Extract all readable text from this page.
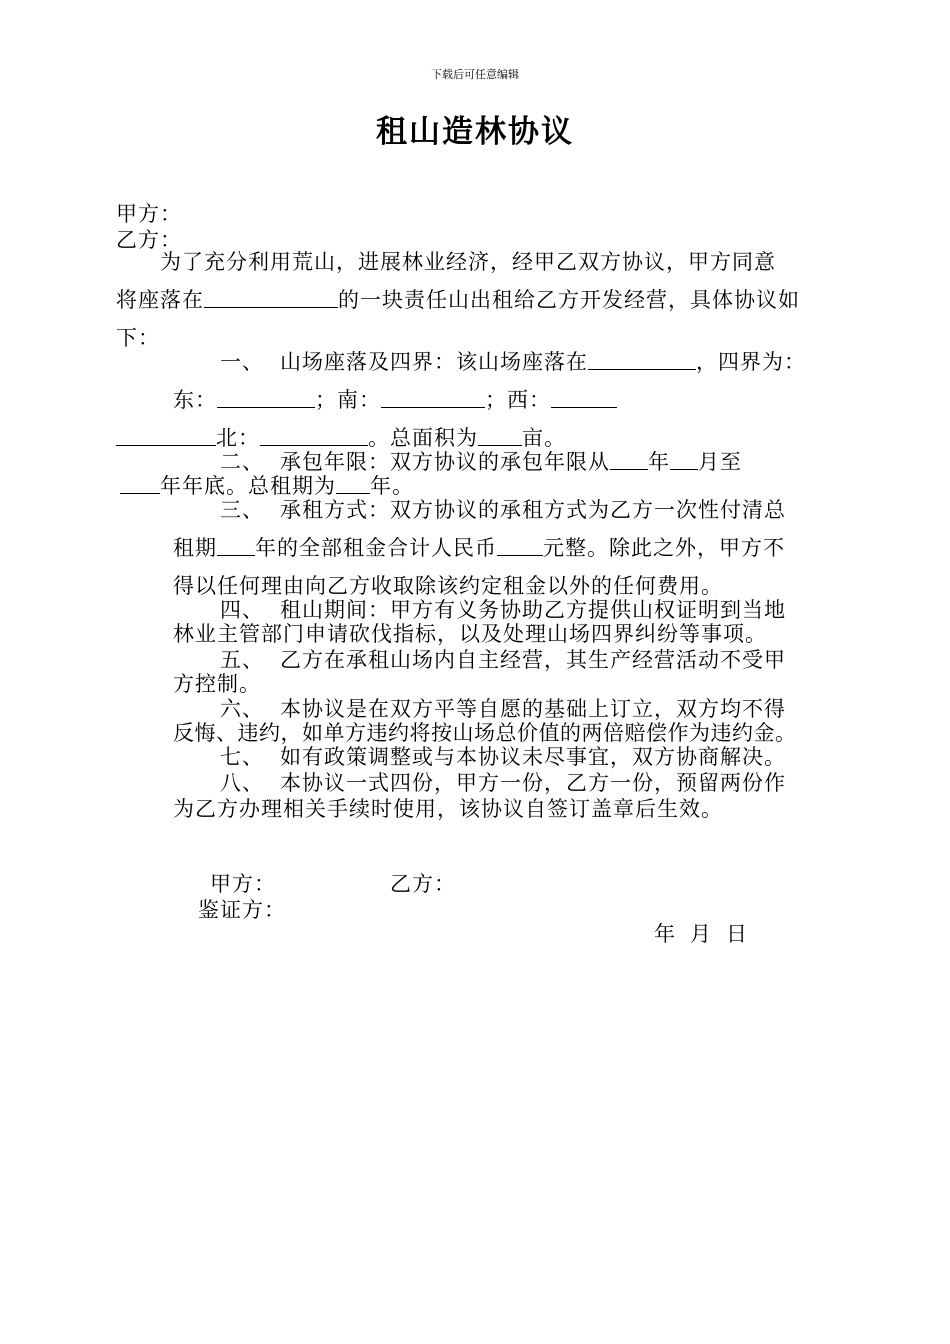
下载后可任意编辑
租山造林协议
甲方：
乙方：
为了充分利用荒山，进展林业经济，经甲乙双方协议，甲方同意
将座落在	的一块责任山出租给乙方开发经营，具体协议如
下：
一、 山场座落及四界：该山场座落在	，四界为：
东：	；南：	；西：
北：	。总面积为 亩。
二、 承包年限：双方协议的承包年限从 年 月至
年年底。总租期为 年。
三、 承租方式：双方协议的承租方式为乙方一次性付清总
租期 年的全部租金合计人民币 元整。除此之外，甲方不
得以任何理由向乙方收取除该约定租金以外的任何费用。
四、 租山期间：甲方有义务协助乙方提供山权证明到当地
林业主管部门申请砍伐指标，以及处理山场四界纠纷等事项。
五、 乙方在承租山场内自主经营，其生产经营活动不受甲
方控制。
六、 本协议是在双方平等自愿的基础上订立，双方均不得
反悔、违约，如单方违约将按山场总价值的两倍赔偿作为违约金。
七、 如有政策调整或与本协议未尽事宜，双方协商解决。
八、 本协议一式四份，甲方一份，乙方一份，预留两份作
为乙方办理相关手续时使用，该协议自签订盖章后生效。
甲方：	乙方：
鉴证方：
年 月 日
